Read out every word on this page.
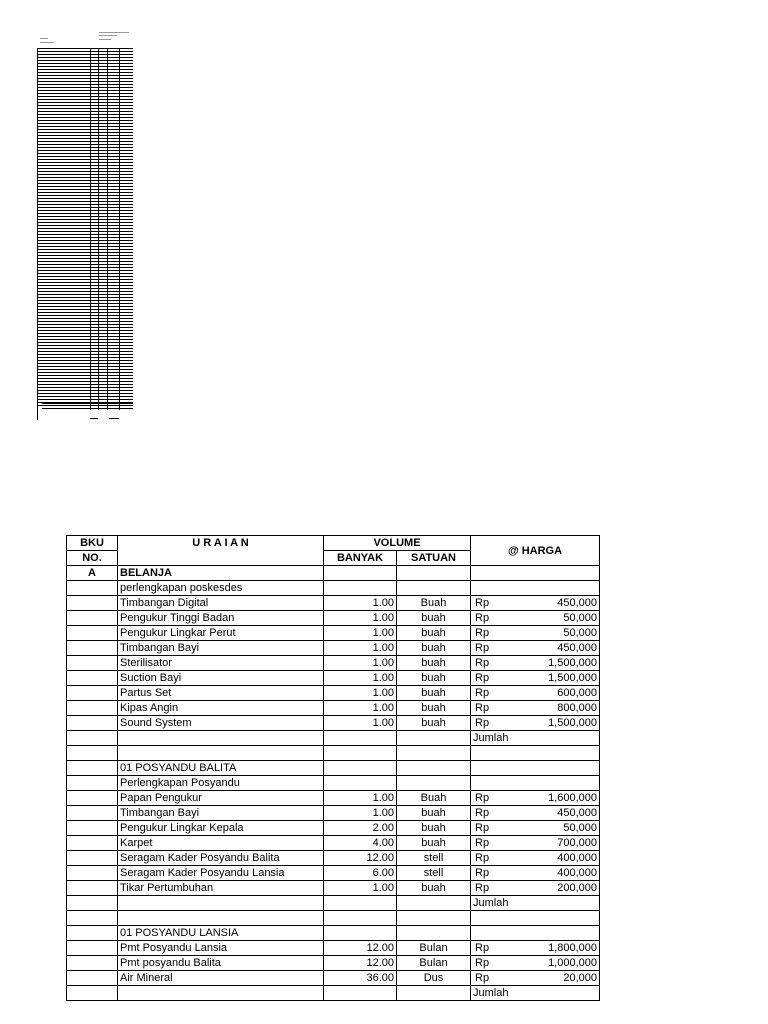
BKU	U R A I A N	VOLUME		@ HARGA
NO.		BANYAK	SATUAN	
A	BELANJA			
	perlengkapan poskesdes			
	Timbangan Digital	1.00	Buah	Rp 450,000

	Pengukur Tinggi Badan	1.00	buah	Rp 50,000

	Pengukur Lingkar Perut	1.00	buah	Rp 50,000

	Timbangan Bayi	1.00	buah	Rp 450,000

	Sterilisator	1.00	buah	Rp 1,500,000

	Suction Bayi	1.00	buah	Rp 1,500,000

	Partus Set	1.00	buah	Rp 600,000

	Kipas Angin	1.00	buah	Rp 800,000

	Sound System	1.00	buah	Rp 1,500,000

				Jumlah

	01 POSYANDU BALITA			
	Perlengkapan Posyandu			
	Papan Pengukur	1.00	Buah	Rp 1,600,000

	Timbangan Bayi	1.00	buah	Rp 450,000

	Pengukur Lingkar Kepala	2.00	buah	Rp 50,000

	Karpet	4.00	buah	Rp 700,000

	Seragam Kader Posyandu Balita	12.00	stell	Rp 400,000

	Seragam Kader Posyandu Lansia	6.00	stell	Rp 400,000

	Tikar Pertumbuhan	1.00	buah	Rp 200,000

				Jumlah

	01 POSYANDU LANSIA			
	Pmt Posyandu Lansia	12.00	Bulan	Rp 1,800,000

	Pmt posyandu Balita	12.00	Bulan	Rp 1,000,000

	Air Mineral	36.00	Dus	Rp 20,000

				Jumlah
